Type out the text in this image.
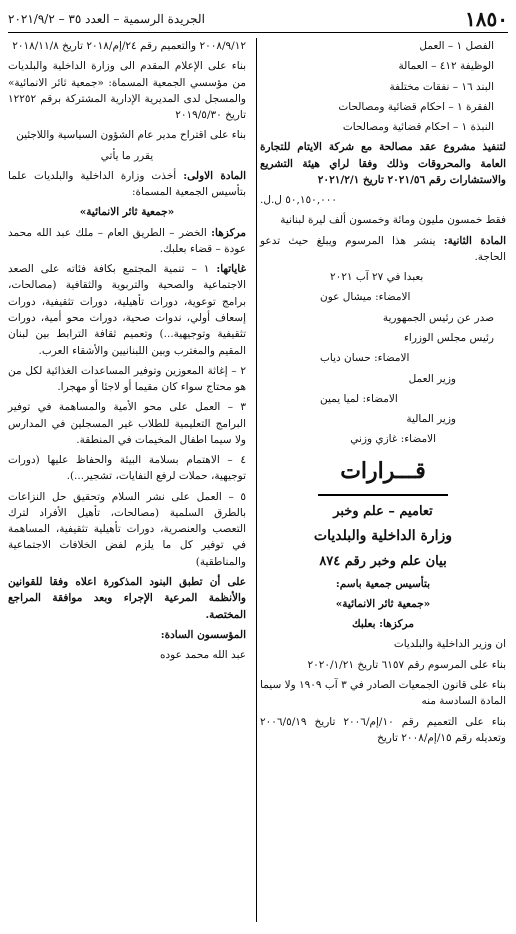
١٨٥٠
الجريدة الرسمية – العدد ٣٥ – ٢٠٢١/٩/٢

الفصل ١ – العمل

الوظيفة ٤١٢ – العمالة

البند ١٦ – نفقات مختلفة

الفقرة ١ – احكام قضائية ومصالحات

النبذة ١ – احكام قضائية ومصالحات

لتنفيذ مشروع عقد مصالحة مع شركة الايتام للتجارة العامة والمحروقات وذلك وفقا لراي هيئة التشريع والاستشارات رقم ٢٠٢١/٥٦ تاريخ ٢٠٢١/٢/١

٥٠,١٥٠,٠٠٠ ل.ل.

فقط خمسون مليون ومائة وخمسون ألف ليرة لبنانية

المادة الثانية: ينشر هذا المرسوم ويبلغ حيث تدعو الحاجة.

بعبدا في ٢٧ آب ٢٠٢١

الامضاء: ميشال عون

صدر عن رئيس الجمهورية

رئيس مجلس الوزراء

الامضاء: حسان دياب

وزير العمل

الامضاء: لميا يمين

وزير المالية

الامضاء: غازي وزني

قـــرارات

تعاميم – علم وخبر

وزارة الداخلية والبلديات

بيان علم وخبر رقم ٨٧٤

بتأسيس جمعية باسم:

«جمعية ثائر الانمائية»

مركزها: بعلبك

ان وزير الداخلية والبلديات

بناء على المرسوم رقم ٦١٥٧ تاريخ ٢٠٢٠/١/٢١

بناء على قانون الجمعيات الصادر في ٣ آب ١٩٠٩ ولا سيما المادة السادسة منه

بناء على التعميم رقم ١٠/إم/٢٠٠٦ تاريخ ٢٠٠٦/٥/١٩ وتعديله رقم ١٥/إم/٢٠٠٨ تاريخ

٢٠٠٨/٩/١٢ والتعميم رقم ٢٤/إم/٢٠١٨ تاريخ ٢٠١٨/١١/٨

بناء على الإعلام المقدم الى وزارة الداخلية والبلديات من مؤسسي الجمعية المسماة: «جمعية ثائر الانمائية» والمسجل لدى المديرية الإدارية المشتركة برقم ١٢٢٥٢ تاريخ ٢٠١٩/٥/٣٠

بناء على اقتراح مدير عام الشؤون السياسية واللاجئين

يقرر ما يأتي

المادة الاولى: أخذت وزارة الداخلية والبلديات علما بتأسيس الجمعية المسماة:

«جمعية ثائر الانمائية»

مركزها: الخضر – الطريق العام – ملك عبد الله محمد عودة – قضاء بعلبك.

غاياتها: ١ – تنمية المجتمع بكافة فئاته على الصعد الاجتماعية والصحية والتربوية والثقافية (مصالحات، برامج توعوية، دورات تأهيلية، دورات تثقيفية، دورات إسعاف أولي، ندوات صحية، دورات محو أمية، دورات تثقيفية وتوجيهية...) وتعميم ثقافة الترابط بين لبنان المقيم والمغترب وبين اللبنانيين والأشقاء العرب.

٢ – إغاثة المعوزين وتوفير المساعدات الغذائية لكل من هو محتاج سواء كان مقيما أو لاجئا أو مهجرا.

٣ – العمل على محو الأمية والمساهمة في توفير البرامج التعليمية للطلاب غير المسجلين في المدارس ولا سيما اطفال المخيمات في المنطقة.

٤ – الاهتمام بسلامة البيئة والحفاظ عليها (دورات توجيهية، حملات لرفع النفايات، تشجير...).

٥ – العمل على نشر السلام وتحقيق حل النزاعات بالطرق السلمية (مصالحات، تأهيل الأفراد لترك التعصب والعنصرية، دورات تأهيلية تثقيفية، المساهمة في توفير كل ما يلزم لفض الخلافات الاجتماعية والمناطقية)

على أن تطبق البنود المذكورة اعلاه وفقا للقوانين والأنظمة المرعية الإجراء وبعد موافقة المراجع المختصة.

المؤسسون السادة:

عبد الله محمد عوده
